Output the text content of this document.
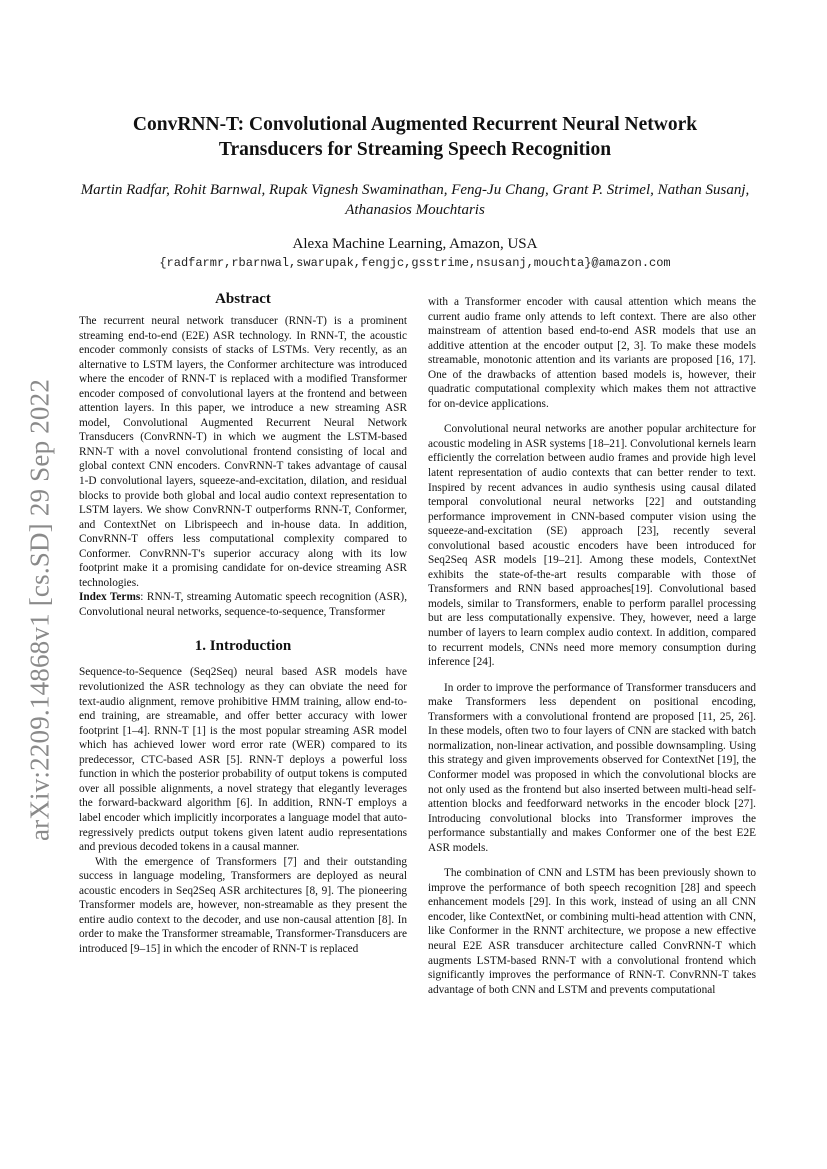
arXiv:2209.14868v1 [cs.SD] 29 Sep 2022
ConvRNN-T: Convolutional Augmented Recurrent Neural Network Transducers for Streaming Speech Recognition

Martin Radfar, Rohit Barnwal, Rupak Vignesh Swaminathan, Feng-Ju Chang, Grant P. Strimel, Nathan Susanj, Athanasios Mouchtaris

Alexa Machine Learning, Amazon, USA

{radfarmr,rbarnwal,swarupak,fengjc,gsstrime,nsusanj,mouchta}@amazon.com

Abstract

The recurrent neural network transducer (RNN-T) is a prominent streaming end-to-end (E2E) ASR technology. In RNN-T, the acoustic encoder commonly consists of stacks of LSTMs. Very recently, as an alternative to LSTM layers, the Conformer architecture was introduced where the encoder of RNN-T is replaced with a modified Transformer encoder composed of convolutional layers at the frontend and between attention layers. In this paper, we introduce a new streaming ASR model, Convolutional Augmented Recurrent Neural Network Transducers (ConvRNN-T) in which we augment the LSTM-based RNN-T with a novel convolutional frontend consisting of local and global context CNN encoders. ConvRNN-T takes advantage of causal 1-D convolutional layers, squeeze-and-excitation, dilation, and residual blocks to provide both global and local audio context representation to LSTM layers. We show ConvRNN-T outperforms RNN-T, Conformer, and ContextNet on Librispeech and in-house data. In addition, ConvRNN-T offers less computational complexity compared to Conformer. ConvRNN-T's superior accuracy along with its low footprint make it a promising candidate for on-device streaming ASR technologies.

Index Terms: RNN-T, streaming Automatic speech recognition (ASR), Convolutional neural networks, sequence-to-sequence, Transformer

1. Introduction

Sequence-to-Sequence (Seq2Seq) neural based ASR models have revolutionized the ASR technology as they can obviate the need for text-audio alignment, remove prohibitive HMM training, allow end-to-end training, are streamable, and offer better accuracy with lower footprint [1–4]. RNN-T [1] is the most popular streaming ASR model which has achieved lower word error rate (WER) compared to its predecessor, CTC-based ASR [5]. RNN-T deploys a powerful loss function in which the posterior probability of output tokens is computed over all possible alignments, a novel strategy that elegantly leverages the forward-backward algorithm [6]. In addition, RNN-T employs a label encoder which implicitly incorporates a language model that auto-regressively predicts output tokens given latent audio representations and previous decoded tokens in a causal manner.

With the emergence of Transformers [7] and their outstanding success in language modeling, Transformers are deployed as neural acoustic encoders in Seq2Seq ASR architectures [8, 9]. The pioneering Transformer models are, however, non-streamable as they present the entire audio context to the decoder, and use non-causal attention [8]. In order to make the Transformer streamable, Transformer-Transducers are introduced [9–15] in which the encoder of RNN-T is replaced

with a Transformer encoder with causal attention which means the current audio frame only attends to left context. There are also other mainstream of attention based end-to-end ASR models that use an additive attention at the encoder output [2, 3]. To make these models streamable, monotonic attention and its variants are proposed [16, 17]. One of the drawbacks of attention based models is, however, their quadratic computational complexity which makes them not attractive for on-device applications.

Convolutional neural networks are another popular architecture for acoustic modeling in ASR systems [18–21]. Convolutional kernels learn efficiently the correlation between audio frames and provide high level latent representation of audio contexts that can better render to text. Inspired by recent advances in audio synthesis using causal dilated temporal convolutional neural networks [22] and outstanding performance improvement in CNN-based computer vision using the squeeze-and-excitation (SE) approach [23], recently several convolutional based acoustic encoders have been introduced for Seq2Seq ASR models [19–21]. Among these models, ContextNet exhibits the state-of-the-art results comparable with those of Transformers and RNN based approaches[19]. Convolutional based models, similar to Transformers, enable to perform parallel processing but are less computationally expensive. They, however, need a large number of layers to learn complex audio context. In addition, compared to recurrent models, CNNs need more memory consumption during inference [24].

In order to improve the performance of Transformer transducers and make Transformers less dependent on positional encoding, Transformers with a convolutional frontend are proposed [11, 25, 26]. In these models, often two to four layers of CNN are stacked with batch normalization, non-linear activation, and possible downsampling. Using this strategy and given improvements observed for ContextNet [19], the Conformer model was proposed in which the convolutional blocks are not only used as the frontend but also inserted between multi-head self-attention blocks and feedforward networks in the encoder block [27]. Introducing convolutional blocks into Transformer improves the performance substantially and makes Conformer one of the best E2E ASR models.

The combination of CNN and LSTM has been previously shown to improve the performance of both speech recognition [28] and speech enhancement models [29]. In this work, instead of using an all CNN encoder, like ContextNet, or combining multi-head attention with CNN, like Conformer in the RNNT architecture, we propose a new effective neural E2E ASR transducer architecture called ConvRNN-T which augments LSTM-based RNN-T with a convolutional frontend which significantly improves the performance of RNN-T. ConvRNN-T takes advantage of both CNN and LSTM and prevents computational
